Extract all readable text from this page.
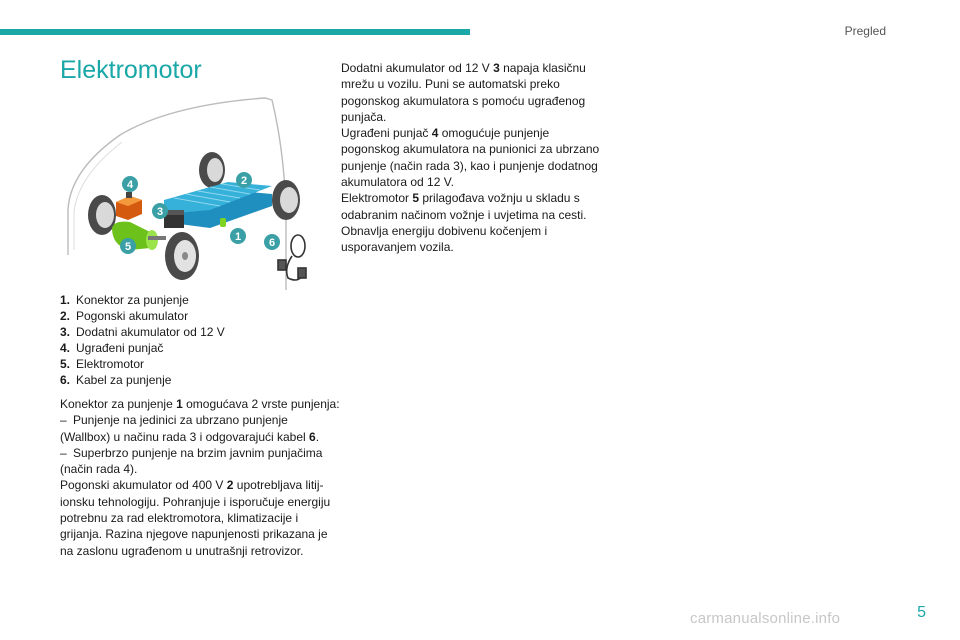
Pregled
Elektromotor
4	2
3
1
5	6
1. Konektor za punjenje
2. Pogonski akumulator
3. Dodatni akumulator od 12 V
4. Ugrađeni punjač
5. Elektromotor
6. Kabel za punjenje
Konektor za punjenje 1 omogućava 2 vrste punjenja:
– Punjenje na jedinici za ubrzano punjenje (Wallbox) u načinu rada 3 i odgovarajući kabel 6.
– Superbrzo punjenje na brzim javnim punjačima (način rada 4).
Pogonski akumulator od 400 V 2 upotrebljava litij-ionsku tehnologiju. Pohranjuje i isporučuje energiju potrebnu za rad elektromotora, klimatizacije i grijanja. Razina njegove napunjenosti prikazana je na zaslonu ugrađenom u unutrašnji retrovizor.
Dodatni akumulator od 12 V 3 napaja klasičnu mrežu u vozilu. Puni se automatski preko pogonskog akumulatora s pomoću ugrađenog punjača.
Ugrađeni punjač 4 omogućuje punjenje pogonskog akumulatora na punionici za ubrzano punjenje (način rada 3), kao i punjenje dodatnog akumulatora od 12 V.
Elektromotor 5 prilagođava vožnju u skladu s odabranim načinom vožnje i uvjetima na cesti. Obnavlja energiju dobivenu kočenjem i usporavanjem vozila.
carmanualsonline.info	5
